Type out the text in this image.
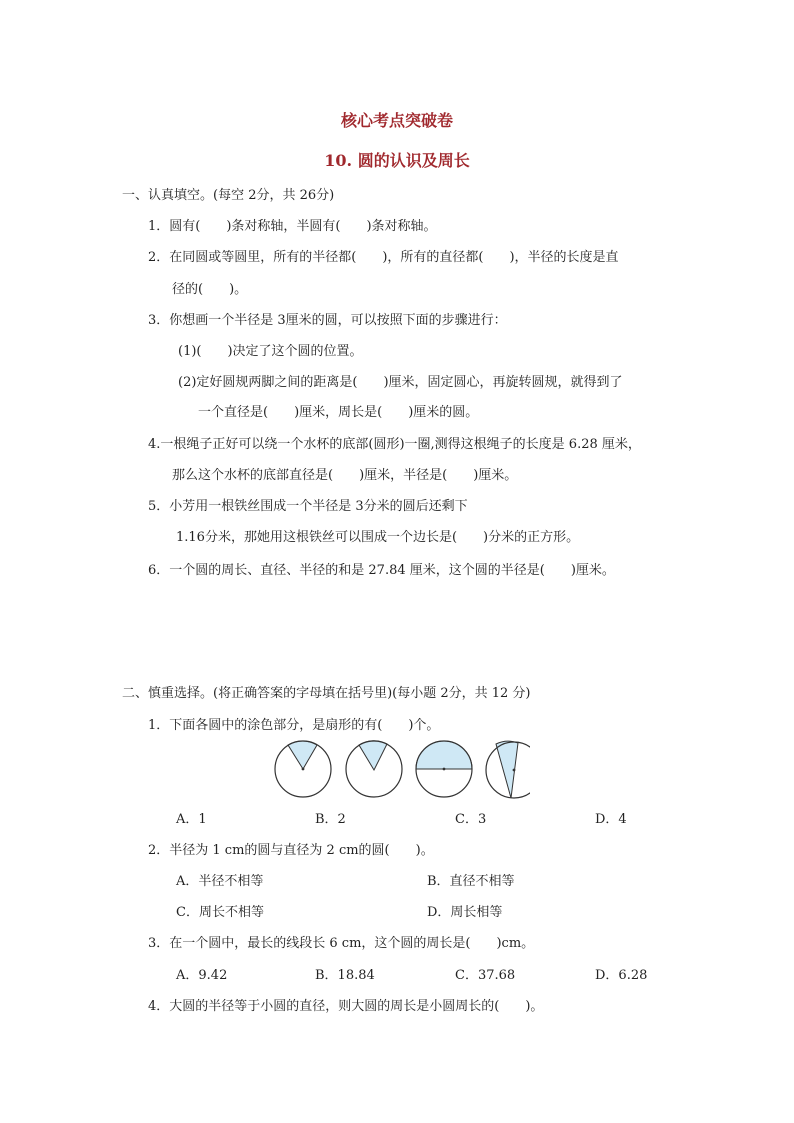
核心考点突破卷
10. 圆的认识及周长
一、认真填空。(每空 2分，共 26分)
1．圆有(　　)条对称轴，半圆有(　　)条对称轴。
2．在同圆或等圆里，所有的半径都(　　)，所有的直径都(　　)，半径的长度是直
径的(　　)。
3．你想画一个半径是 3厘米的圆，可以按照下面的步骤进行：
(1)(　　)决定了这个圆的位置。
(2)定好圆规两脚之间的距离是(　　)厘米，固定圆心，再旋转圆规，就得到了
一个直径是(　　)厘米，周长是(　　)厘米的圆。
4.一根绳子正好可以绕一个水杯的底部(圆形)一圈,测得这根绳子的长度是 6.28 厘米，
那么这个水杯的底部直径是(　　)厘米，半径是(　　)厘米。
5．小芳用一根铁丝围成一个半径是 3分米的圆后还剩下
1.16分米，那她用这根铁丝可以围成一个边长是(　　)分米的正方形。
6．一个圆的周长、直径、半径的和是 27.84 厘米，这个圆的半径是(　　)厘米。
二、慎重选择。(将正确答案的字母填在括号里)(每小题 2分，共 12 分)
1．下面各圆中的涂色部分，是扇形的有(　　)个。
A．1	B．2	C．3	D．4
2．半径为 1 cm的圆与直径为 2 cm的圆(　　)。
A．半径不相等	B．直径不相等
C．周长不相等	D．周长相等
3．在一个圆中，最长的线段长 6 cm，这个圆的周长是(　　)cm。
A．9.42	B．18.84	C．37.68	D．6.28
4．大圆的半径等于小圆的直径，则大圆的周长是小圆周长的(　　)。
